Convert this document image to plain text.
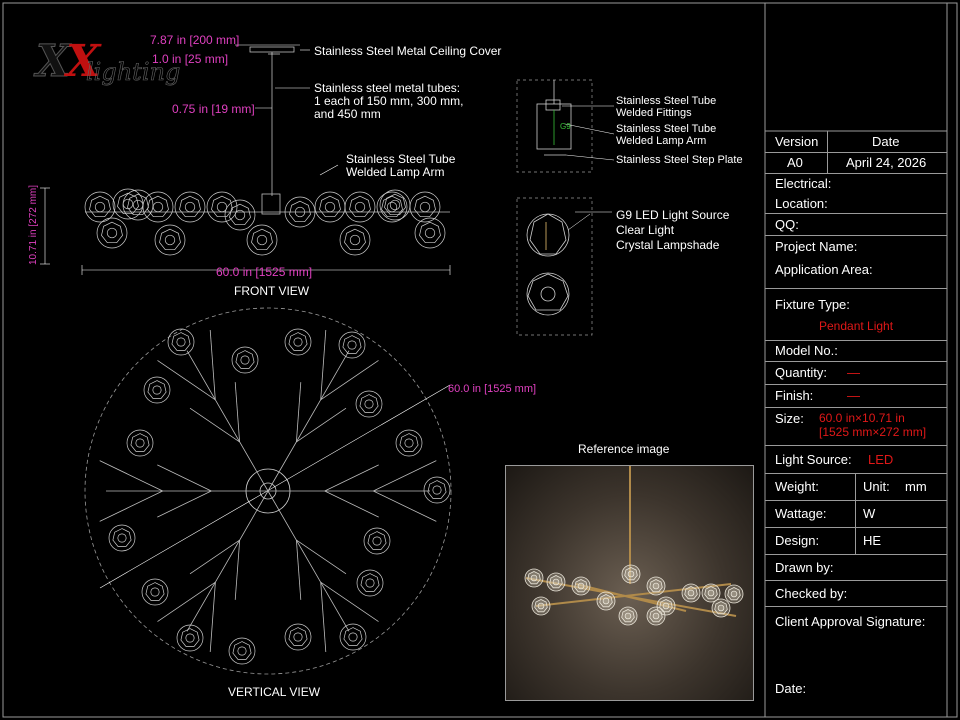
XX
lighting
7.87 in [200 mm]
1.0 in [25 mm]
0.75 in [19 mm]
10.71 in [272 mm]
60.0 in [1525 mm]
Stainless Steel Metal Ceiling Cover
Stainless steel metal tubes:
1 each of 150 mm, 300 mm,
and 450 mm
Stainless Steel Tube
Welded Lamp Arm
FRONT VIEW
Stainless Steel Tube
Welded Fittings
Stainless Steel Tube
Welded Lamp Arm
Stainless Steel Step Plate
G9
G9 LED Light Source
Clear Light
Crystal Lampshade
60.0 in [1525 mm]
VERTICAL VIEW
Reference image
Version	Date
A0	April 24, 2026
Electrical:
Location:
QQ:
Project Name:
Application Area:
Fixture Type:
Pendant Light
Model No.:
Quantity: —
Finish:	—
Size: 60.0 in×10.71 in
[1525 mm×272 mm]
Light Source: LED
Weight:	Unit: mm
Wattage:	W
Design:	HE
Drawn by:
Checked by:
Client Approval Signature:
Date:
